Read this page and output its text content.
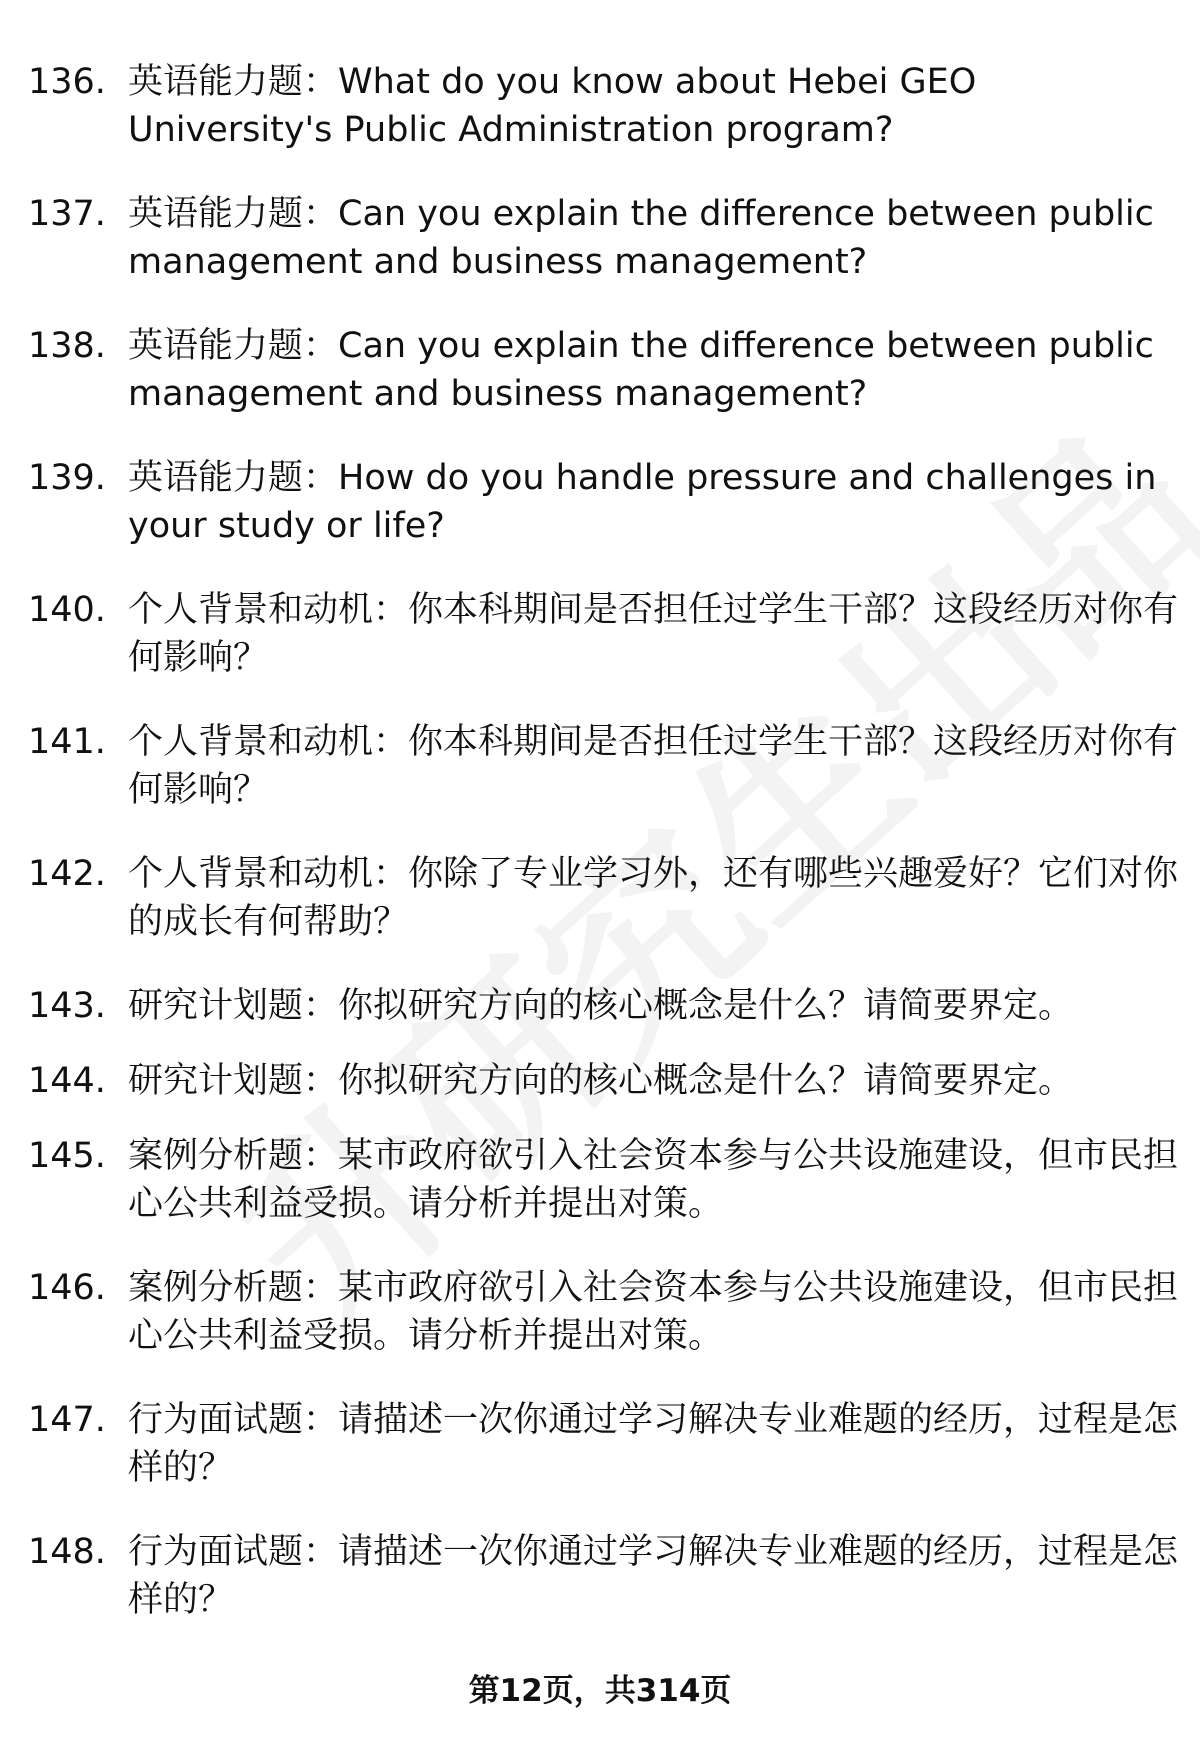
136. 英语能力题：What do you know about Hebei GEO University's Public Administration program?
137. 英语能力题：Can you explain the difference between public management and business management?
138. 英语能力题：Can you explain the difference between public management and business management?
139. 英语能力题：How do you handle pressure and challenges in your study or life?
140. 个人背景和动机：你本科期间是否担任过学生干部？这段经历对你有何影响？
141. 个人背景和动机：你本科期间是否担任过学生干部？这段经历对你有何影响？
142. 个人背景和动机：你除了专业学习外，还有哪些兴趣爱好？它们对你的成长有何帮助？
143. 研究计划题：你拟研究方向的核心概念是什么？请简要界定。
144. 研究计划题：你拟研究方向的核心概念是什么？请简要界定。
145. 案例分析题：某市政府欲引入社会资本参与公共设施建设，但市民担心公共利益受损。请分析并提出对策。
146. 案例分析题：某市政府欲引入社会资本参与公共设施建设，但市民担心公共利益受损。请分析并提出对策。
147. 行为面试题：请描述一次你通过学习解决专业难题的经历，过程是怎样的？
148. 行为面试题：请描述一次你通过学习解决专业难题的经历，过程是怎样的？
第12页，共314页
